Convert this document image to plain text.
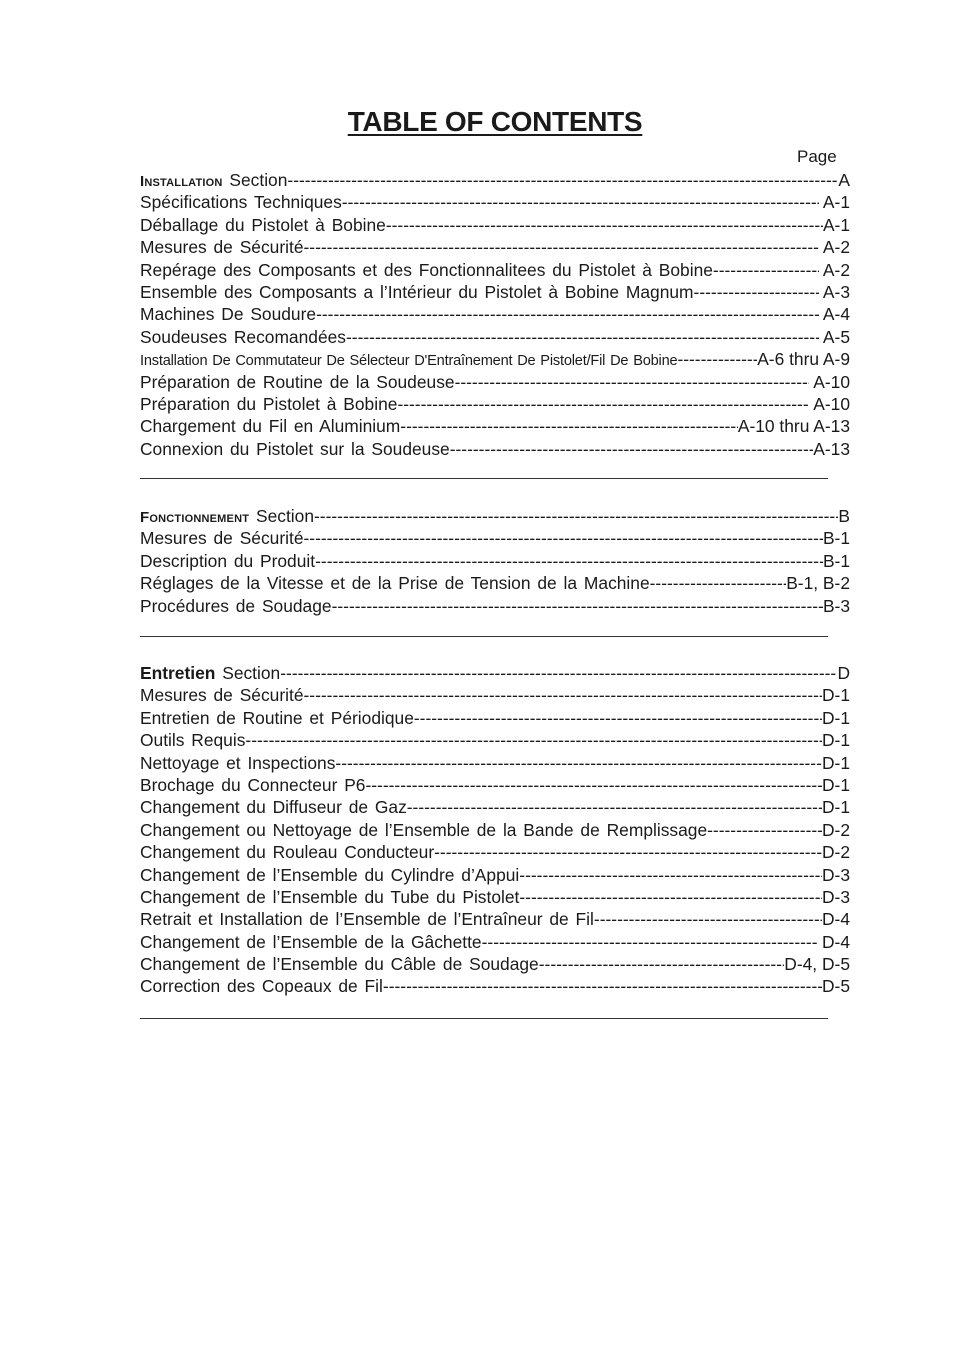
TABLE OF CONTENTS
Page
Installation Section -----	A
Spécifications Techniques -----	A-1
Déballage du Pistolet à Bobine -----	A-1
Mesures de Sécurité -----	A-2
Repérage des Composants et des Fonctionnalitees du Pistolet à Bobine -----	A-2
Ensemble des Composants a l’Intérieur du Pistolet à Bobine Magnum -----	A-3
Machines De Soudure -----	A-4
Soudeuses Recomandées -----	A-5
Installation De Commutateur De Sélecteur D'Entraînement De Pistolet/Fil De Bobine -----	A-6 thru A-9
Préparation de Routine de la Soudeuse -----	A-10
Préparation du Pistolet à Bobine -----	A-10
Chargement du Fil en Aluminium -----	A-10 thru A-13
Connexion du Pistolet sur la Soudeuse -----	A-13
Fonctionnement Section -----	B
Mesures de Sécurité -----	B-1
Description du Produit -----	B-1
Réglages de la Vitesse et de la Prise de Tension de la Machine -----	B-1, B-2
Procédures de Soudage -----	B-3
Entretien Section -----	D
Mesures de Sécurité -----	D-1
Entretien de Routine et Périodique -----	D-1
Outils Requis -----	D-1
Nettoyage et Inspections -----	D-1
Brochage du Connecteur P6 -----	D-1
Changement du Diffuseur de Gaz -----	D-1
Changement ou Nettoyage de l’Ensemble de la Bande de Remplissage -----	D-2
Changement du Rouleau Conducteur -----	D-2
Changement de l’Ensemble du Cylindre d’Appui -----	D-3
Changement de l’Ensemble du Tube du Pistolet -----	D-3
Retrait et Installation de l’Ensemble de l’Entraîneur de Fil -----	D-4
Changement de l’Ensemble de la Gâchette -----	D-4
Changement de l’Ensemble du Câble de Soudage -----	D-4, D-5
Correction des Copeaux de Fil -----	D-5
